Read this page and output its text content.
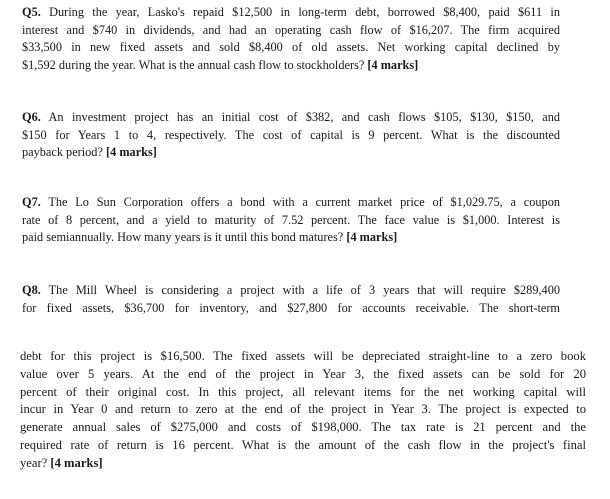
Q5. During the year, Lasko's repaid $12,500 in long-term debt, borrowed $8,400, paid $611 in
interest and $740 in dividends, and had an operating cash flow of $16,207. The firm acquired
$33,500 in new fixed assets and sold $8,400 of old assets. Net working capital declined by
$1,592 during the year. What is the annual cash flow to stockholders? [4 marks]
Q6. An investment project has an initial cost of $382, and cash flows $105, $130, $150, and
$150 for Years 1 to 4, respectively. The cost of capital is 9 percent. What is the discounted
payback period? [4 marks]
Q7. The Lo Sun Corporation offers a bond with a current market price of $1,029.75, a coupon
rate of 8 percent, and a yield to maturity of 7.52 percent. The face value is $1,000. Interest is
paid semiannually. How many years is it until this bond matures? [4 marks]
Q8. The Mill Wheel is considering a project with a life of 3 years that will require $289,400
for fixed assets, $36,700 for inventory, and $27,800 for accounts receivable. The short-term
debt for this project is $16,500. The fixed assets will be depreciated straight-line to a zero book
value over 5 years. At the end of the project in Year 3, the fixed assets can be sold for 20
percent of their original cost. In this project, all relevant items for the net working capital will
incur in Year 0 and return to zero at the end of the project in Year 3. The project is expected to
generate annual sales of $275,000 and costs of $198,000. The tax rate is 21 percent and the
required rate of return is 16 percent. What is the amount of the cash flow in the project's final
year? [4 marks]
